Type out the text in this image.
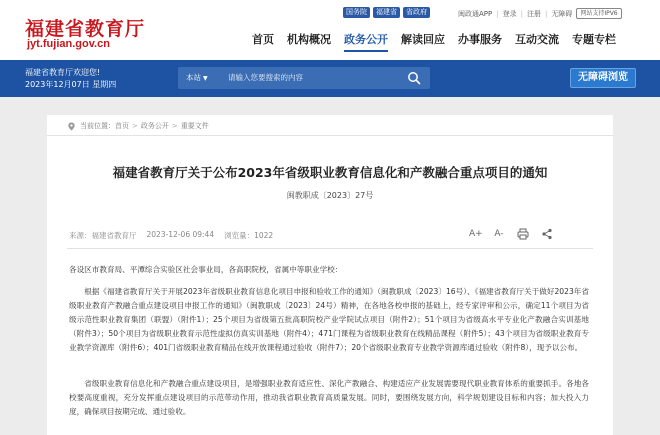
福建省教育厅
jyt.fujian.gov.cn
国务院	福建省	省政府	闽政通APP | 登录 | 注册 | 无障碍	网站支持IPV6
首页 机构概况 政务公开 解读回应 办事服务 互动交流 专题专栏
福建省教育厅欢迎您!
2023年12月07日 星期四
本站 ▼	请输入您要搜索的内容	无障碍浏览
当前位置： 首页 > 政务公开 > 重要文件
福建省教育厅关于公布2023年省级职业教育信息化和产教融合重点项目的通知
闽教职成〔2023〕27号
来源：福建省教育厅 2023-12-06 09:44 浏览量：1022	A+ A-
各设区市教育局、平潭综合实验区社会事业局，各高职院校，省属中等职业学校：
根据《福建省教育厅关于开展2023年省级职业教育信息化项目申报和验收工作的通知》（闽教职成〔2023〕16号）、《福建省教育厅关于做好2023年省级职业教育产教融合重点建设项目申报工作的通知》（闽教职成〔2023〕24号）精神，在各地各校申报的基础上，经专家评审和公示，确定11个项目为省级示范性职业教育集团（联盟）（附件1）；25个项目为省级第五批高职院校产业学院试点项目（附件2）；51个项目为省级高水平专业化产教融合实训基地（附件3）；50个项目为省级职业教育示范性虚拟仿真实训基地（附件4）；471门课程为省级职业教育在线精品课程（附件5）；43个项目为省级职业教育专业教学资源库（附件6）；401门省级职业教育精品在线开放课程通过验收（附件7）；20个省级职业教育专业教学资源库通过验收（附件8），现予以公布。
省级职业教育信息化和产教融合重点建设项目，是增强职业教育适应性、深化产教融合、构建适应产业发展需要现代职业教育体系的重要抓手。各地各校要高度重视，充分发挥重点建设项目的示范带动作用，推动我省职业教育高质量发展。同时，要围绕发展方向，科学规划建设目标和内容；加大投入力度，确保项目按期完成、通过验收。
